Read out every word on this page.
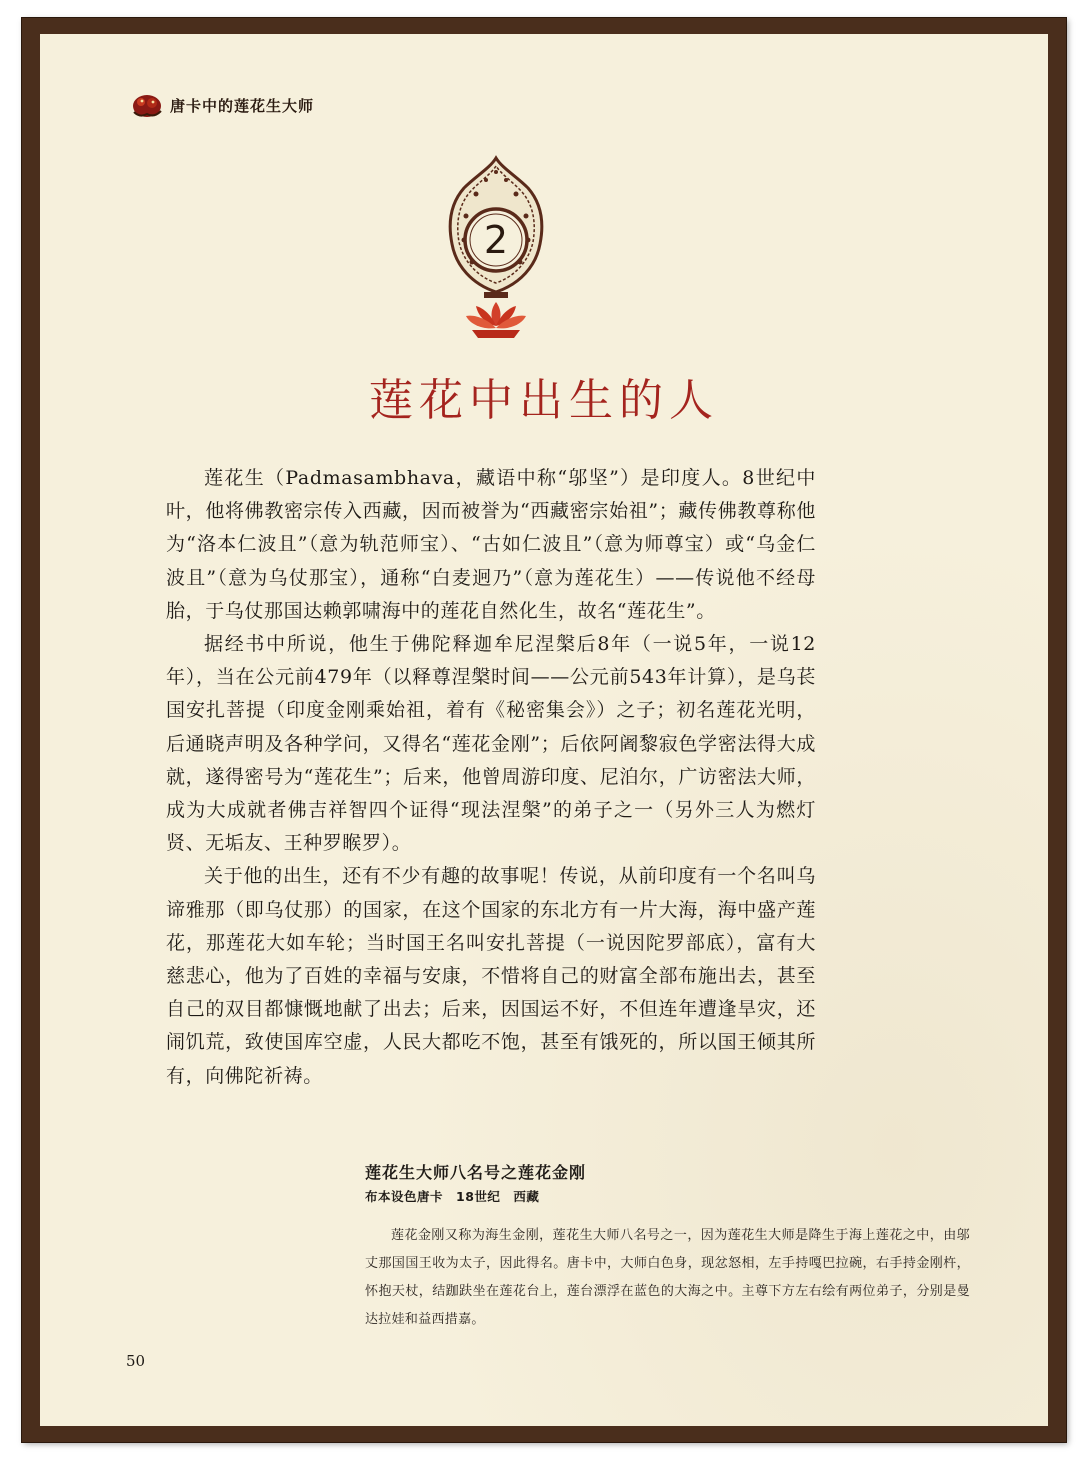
唐卡中的莲花生大师
2
莲花中出生的人

莲花生（Padmasambhava，藏语中称“邬坚”）是印度人。8世纪中叶，他将佛教密宗传入西藏，因而被誉为“西藏密宗始祖”；藏传佛教尊称他为“洛本仁波且”（意为轨范师宝）、“古如仁波且”（意为师尊宝）或“乌金仁波且”（意为乌仗那宝），通称“白麦迥乃”（意为莲花生）——传说他不经母胎，于乌仗那国达赖郭啸海中的莲花自然化生，故名“莲花生”。

据经书中所说，他生于佛陀释迦牟尼涅槃后8年（一说5年，一说12年），当在公元前479年（以释尊涅槃时间——公元前543年计算），是乌苌国安扎菩提（印度金刚乘始祖，着有《秘密集会》）之子；初名莲花光明，后通晓声明及各种学问，又得名“莲花金刚”；后依阿阇黎寂色学密法得大成就，遂得密号为“莲花生”；后来，他曾周游印度、尼泊尔，广访密法大师，成为大成就者佛吉祥智四个证得“现法涅槃”的弟子之一（另外三人为燃灯贤、无垢友、王种罗睺罗）。

关于他的出生，还有不少有趣的故事呢！传说，从前印度有一个名叫乌谛雅那（即乌仗那）的国家，在这个国家的东北方有一片大海，海中盛产莲花，那莲花大如车轮；当时国王名叫安扎菩提（一说因陀罗部底），富有大慈悲心，他为了百姓的幸福与安康，不惜将自己的财富全部布施出去，甚至自己的双目都慷慨地献了出去；后来，因国运不好，不但连年遭逢旱灾，还闹饥荒，致使国库空虚，人民大都吃不饱，甚至有饿死的，所以国王倾其所有，向佛陀祈祷。

莲花生大师八名号之莲花金刚
布本设色唐卡　18世纪　西藏
莲花金刚又称为海生金刚，莲花生大师八名号之一，因为莲花生大师是降生于海上莲花之中，由邬丈那国国王收为太子，因此得名。唐卡中，大师白色身，现忿怒相，左手持嘎巴拉碗，右手持金刚杵，怀抱天杖，结跏趺坐在莲花台上，莲台漂浮在蓝色的大海之中。主尊下方左右绘有两位弟子，分别是曼达拉娃和益西措嘉。
50
